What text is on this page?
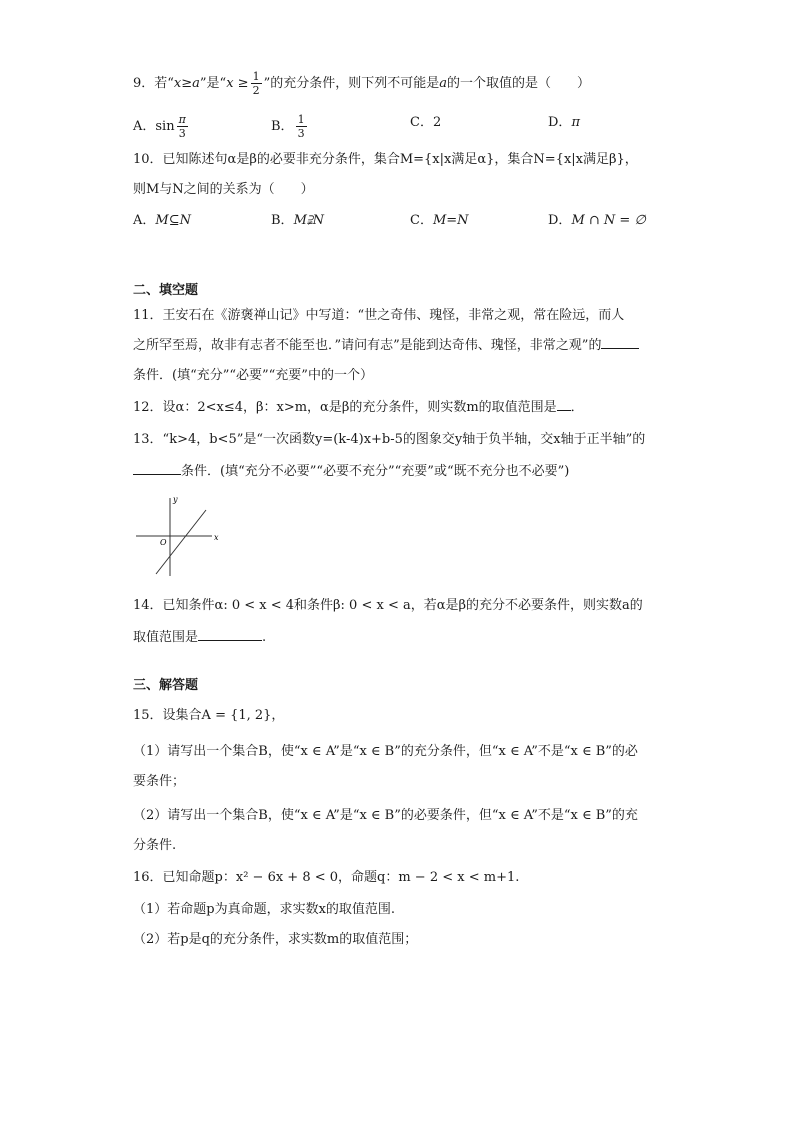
9．若“x≥a”是“$x \ge \frac{1}{2}$ ”的充分条件，则下列不可能是a的一个取值的是（　　）
A．$\sin \frac{\pi}{3}$	B． $\frac{1}{3}$	C．2	D．π
10．已知陈述句α是β的必要非充分条件，集合M={x|x满足α}，集合N={x|x满足β}，
则M与N之间的关系为（　　）
A．M⊆N	B．M⫌N	C．M=N	D．M ∩ N = ∅
二、填空题
11．王安石在《游褒禅山记》中写道：“世之奇伟、瑰怪，非常之观，常在险远，而人
之所罕至焉，故非有志者不能至也．”请问有志”是能到达奇伟、瑰怪，非常之观”的
条件．(填“充分”“必要”“充要”中的一个）
12．设α：2<x≤4，β：x>m，α是β的充分条件，则实数m的取值范围是 ．
13．“k>4，b<5”是“一次函数y=(k-4)x+b-5的图象交y轴于负半轴，交x轴于正半轴”的
条件．(填“充分不必要”“必要不充分”“充要”或“既不充分也不必要”)
x
y
O
14．已知条件α: 0 < x < 4和条件β: 0 < x < a，若α是β的充分不必要条件，则实数a的
取值范围是	.
三、解答题
15．设集合A = {1, 2}，
（1）请写出一个集合B，使“x ∈ A”是“x ∈ B”的充分条件，但“x ∈ A”不是“x ∈ B”的必
要条件；
（2）请写出一个集合B，使“x ∈ A”是“x ∈ B”的必要条件，但“x ∈ A”不是“x ∈ B”的充
分条件.
16．已知命题p：x² − 6x + 8 < 0，命题q：m − 2 < x < m+1.
（1）若命题p为真命题，求实数x的取值范围.
（2）若p是q的充分条件，求实数m的取值范围；
